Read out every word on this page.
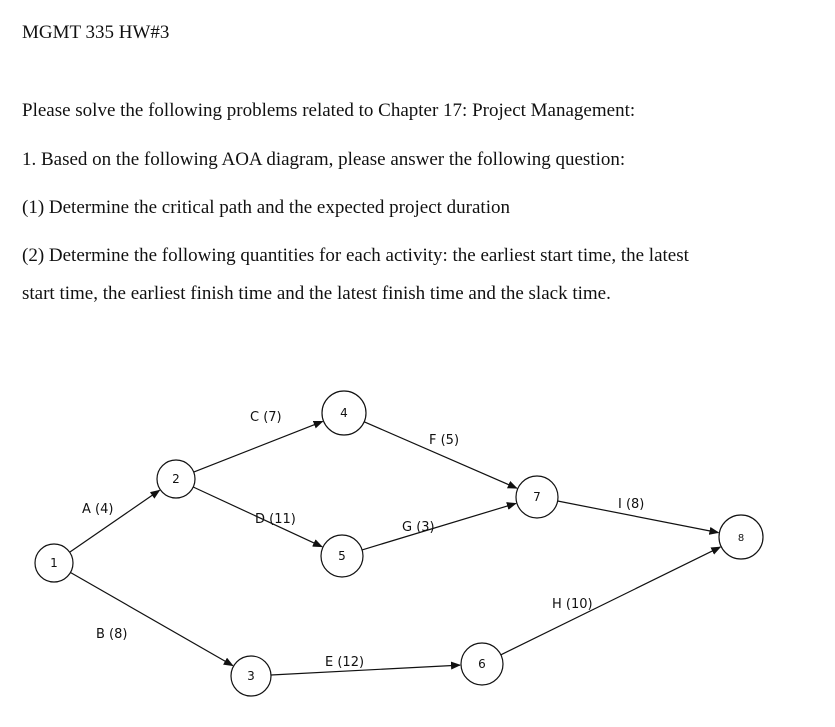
MGMT 335 HW#3
Please solve the following problems related to Chapter 17: Project Management:
1. Based on the following AOA diagram, please answer the following question:
(1) Determine the critical path and the expected project duration
(2) Determine the following quantities for each activity: the earliest start time, the latest
start time, the earliest finish time and the latest finish time and the slack time.
A (4)
B (8)
C (7)
D (11)
E (12)
F (5)
G (3)
H (10)
I (8)
1
2
3
4
5
6
7
8
